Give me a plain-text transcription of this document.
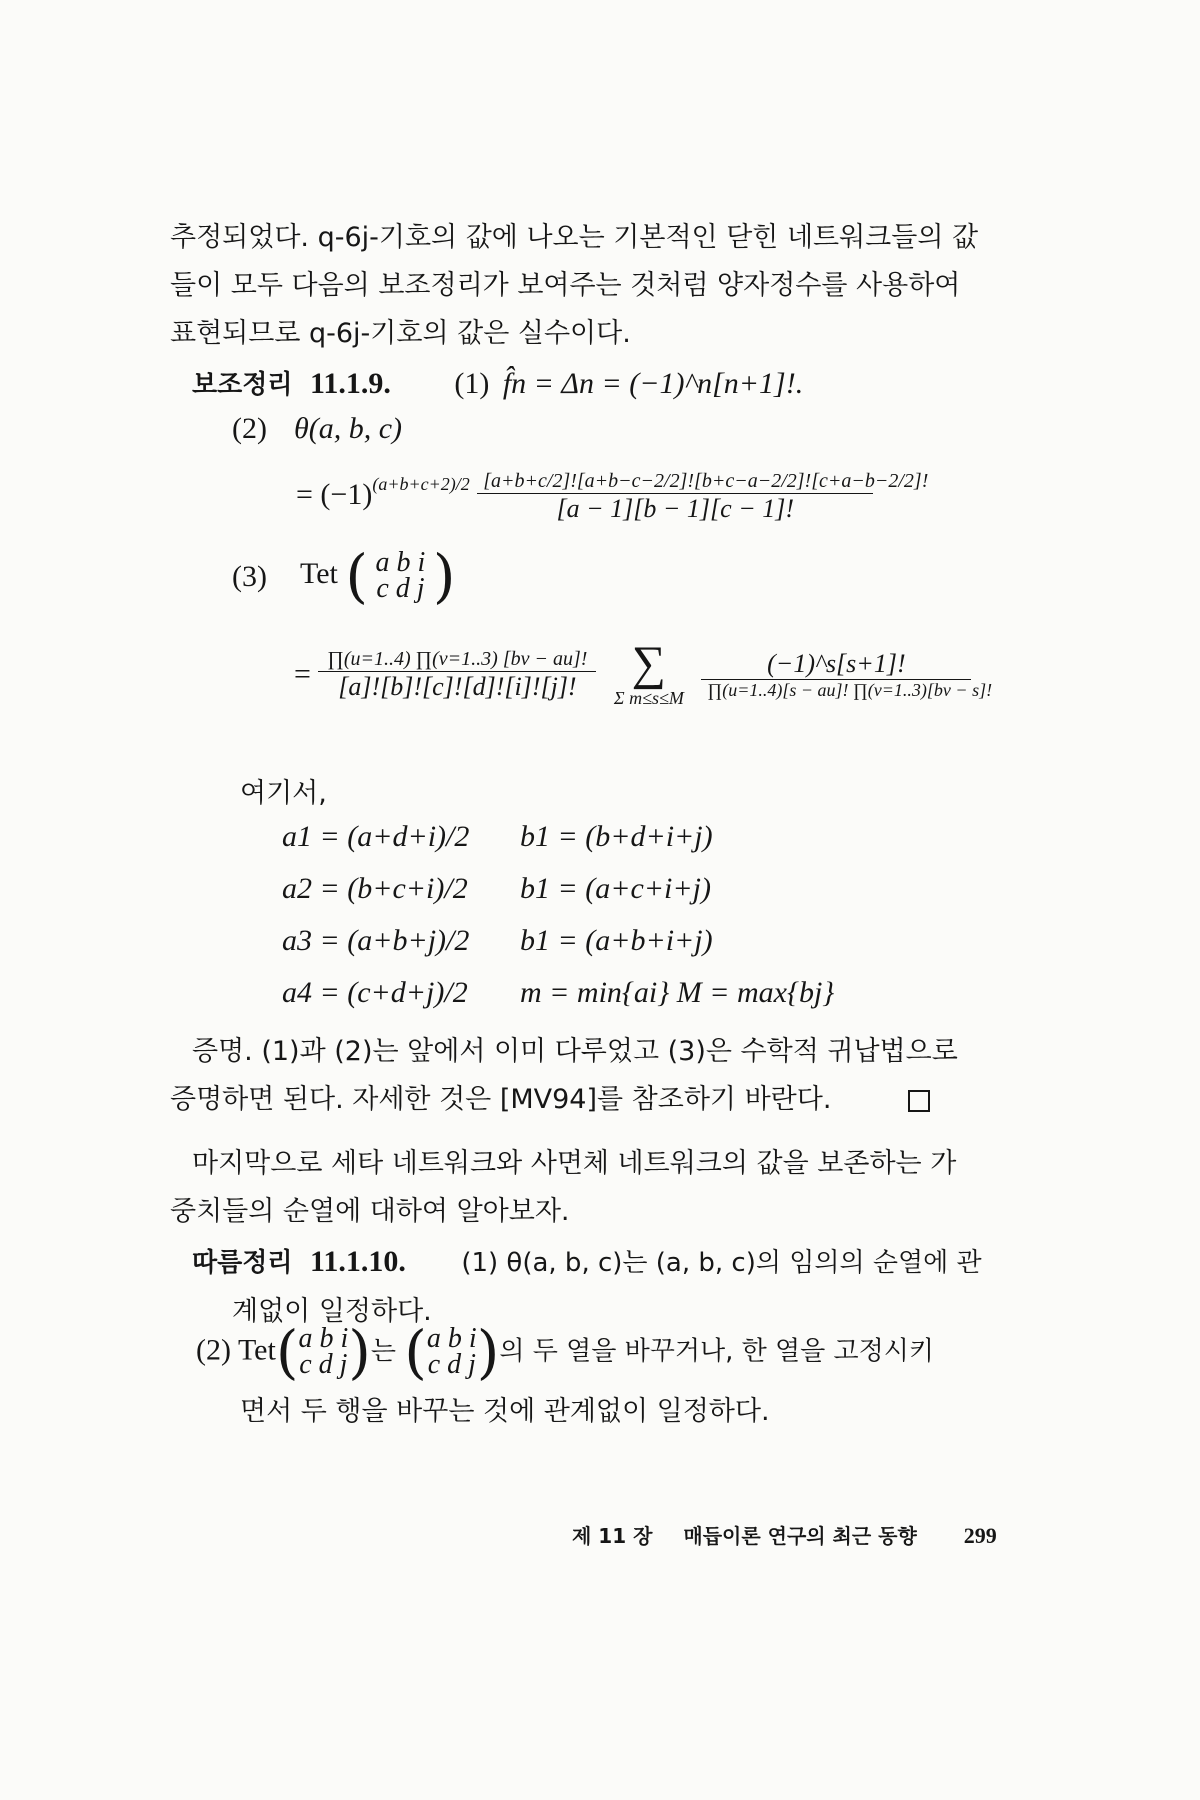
추정되었다. q-6j-기호의 값에 나오는 기본적인 닫힌 네트워크들의 값
들이 모두 다음의 보조정리가 보여주는 것처럼 양자정수를 사용하여
표현되므로 q-6j-기호의 값은 실수이다.
보조정리 11.1.9. (1) f̂n = Δn = (−1)^n[n+1]!.
(2) θ(a, b, c)
= $(-1)^{(a+b+c+2)/2} \frac{[a+b+c/2]![a+b-c-2/2]![b+c-a-2/2]![c+a-b-2/2]!}{[a - 1][b - 1][c - 1]!}$
(3) Tet ( a b i
c d j )
= $\frac{\prod(u=1..4) \prod(v=1..3) [bv - au]!}{[a]![b]![c]![d]![i]![j]!}$
∑
Σ m≤s≤M
$\frac{(-1)\^{}s[s+1]!}{\prod(u=1..4)[s - au]! \prod(v=1..3)[bv - s]!}$
여기서,
a1 = (a+d+i)/2 b1 = (b+d+i+j)
a2 = (b+c+i)/2 b1 = (a+c+i+j)
a3 = (a+b+j)/2 b1 = (a+b+i+j)
a4 = (c+d+j)/2 m = min{ai} M = max{bj}
증명. (1)과 (2)는 앞에서 이미 다루었고 (3)은 수학적 귀납법으로
증명하면 된다. 자세한 것은 [MV94]를 참조하기 바란다.
마지막으로 세타 네트워크와 사면체 네트워크의 값을 보존하는 가
중치들의 순열에 대하여 알아보자.
따름정리 11.1.10. (1) θ(a, b, c)는 (a, b, c)의 임의의 순열에 관
계없이 일정하다.
(2) Tet( a b i
c d j )는 ( a b i
c d j )의 두 열을 바꾸거나, 한 열을 고정시키
면서 두 행을 바꾸는 것에 관계없이 일정하다.
제 11 장 매듭이론 연구의 최근 동향 299
